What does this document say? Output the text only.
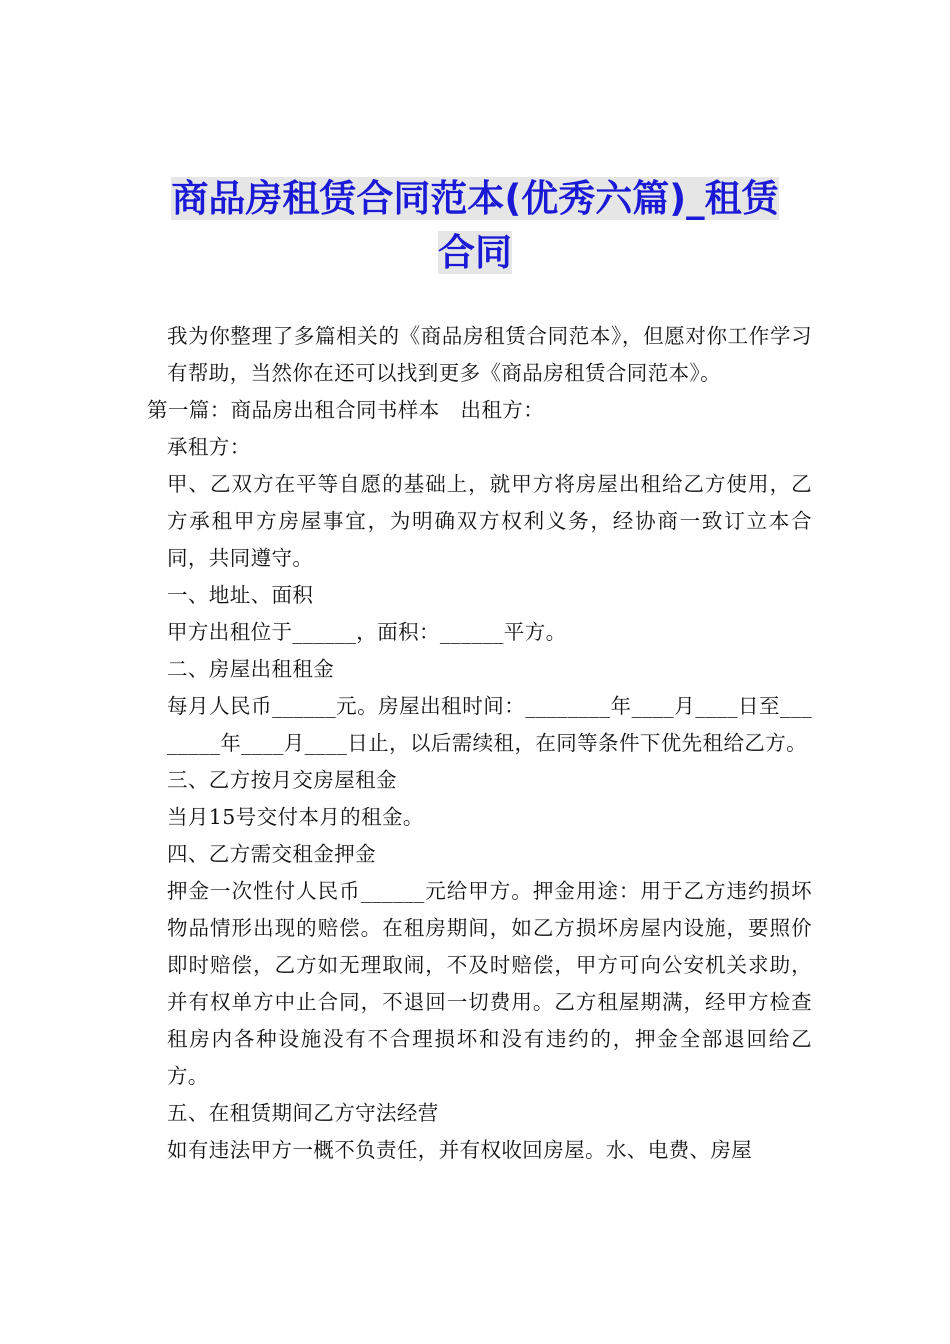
商品房租赁合同范本(优秀六篇)_租赁
合同

我为你整理了多篇相关的《商品房租赁合同范本》，但愿对你工作学习有帮助，当然你在还可以找到更多《商品房租赁合同范本》。

第一篇：商品房出租合同书样本　出租方：

承租方：

甲、乙双方在平等自愿的基础上，就甲方将房屋出租给乙方使用，乙方承租甲方房屋事宜，为明确双方权利义务，经协商一致订立本合同，共同遵守。

一、地址、面积

甲方出租位于______，面积：______平方。

二、房屋出租租金

每月人民币______元。房屋出租时间：________年____月____日至________年____月____日止，以后需续租，在同等条件下优先租给乙方。

三、乙方按月交房屋租金

当月15号交付本月的租金。

四、乙方需交租金押金

押金一次性付人民币______元给甲方。押金用途：用于乙方违约损坏物品情形出现的赔偿。在租房期间，如乙方损坏房屋内设施，要照价即时赔偿，乙方如无理取闹，不及时赔偿，甲方可向公安机关求助，并有权单方中止合同，不退回一切费用。乙方租屋期满，经甲方检查租房内各种设施没有不合理损坏和没有违约的，押金全部退回给乙方。

五、在租赁期间乙方守法经营

如有违法甲方一概不负责任，并有权收回房屋。水、电费、房屋
